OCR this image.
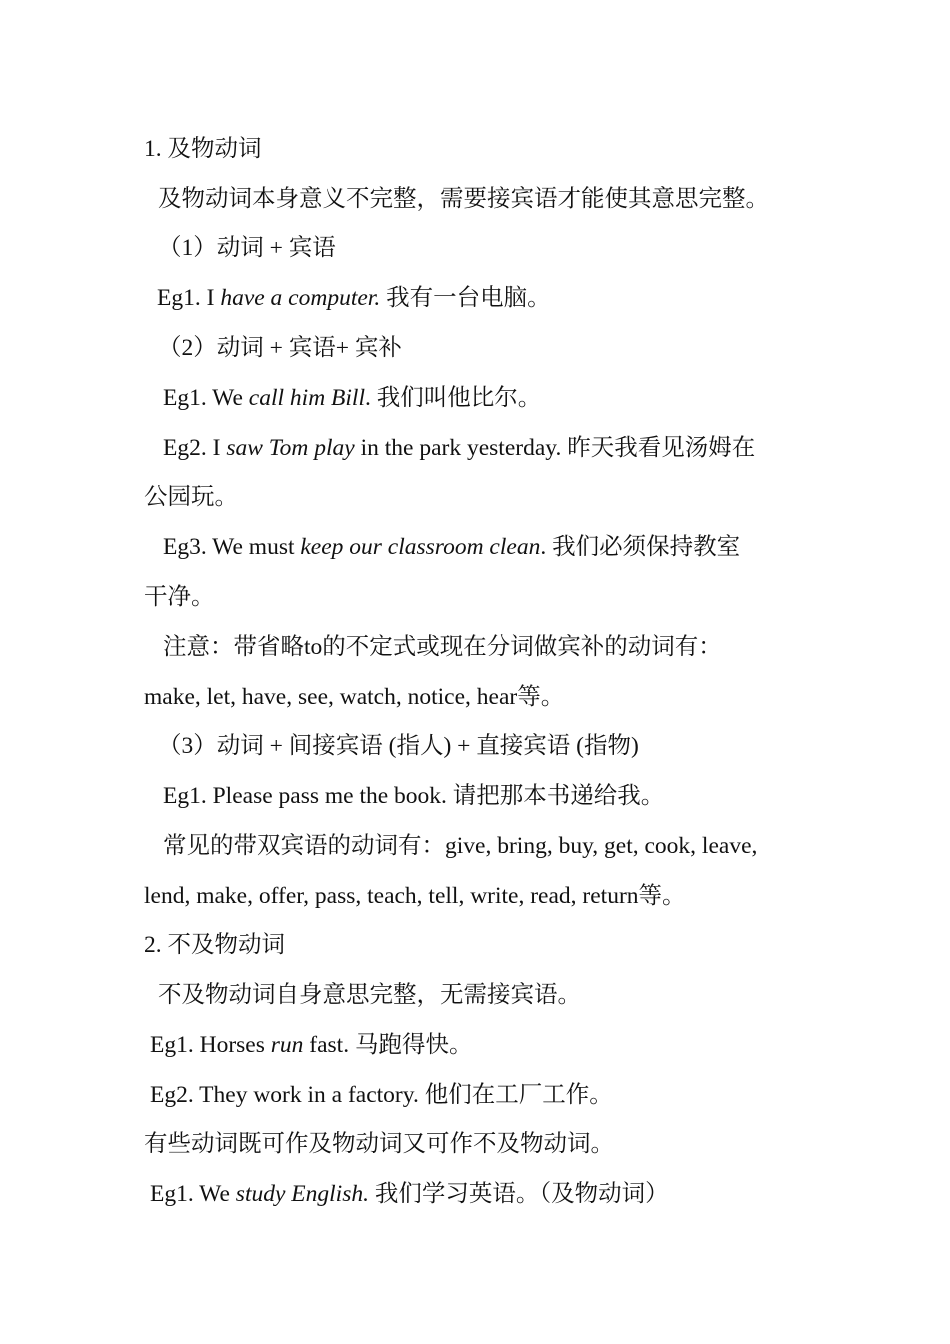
1. 及物动词
及物动词本身意义不完整，需要接宾语才能使其意思完整。
（1）动词 + 宾语
Eg1. I have a computer. 我有一台电脑。
（2）动词 + 宾语+ 宾补
Eg1. We call him Bill. 我们叫他比尔。
Eg2. I saw Tom play in the park yesterday. 昨天我看见汤姆在
公园玩。
Eg3. We must keep our classroom clean. 我们必须保持教室
干净。
注意：带省略to的不定式或现在分词做宾补的动词有：
make, let, have, see, watch, notice, hear等。
（3）动词 + 间接宾语 (指人) + 直接宾语 (指物)
Eg1. Please pass me the book. 请把那本书递给我。
常见的带双宾语的动词有：give, bring, buy, get, cook, leave,
lend, make, offer, pass, teach, tell, write, read, return等。
2. 不及物动词
不及物动词自身意思完整，无需接宾语。
Eg1. Horses run fast. 马跑得快。
Eg2. They work in a factory. 他们在工厂工作。
有些动词既可作及物动词又可作不及物动词。
Eg1. We study English. 我们学习英语。（及物动词）
